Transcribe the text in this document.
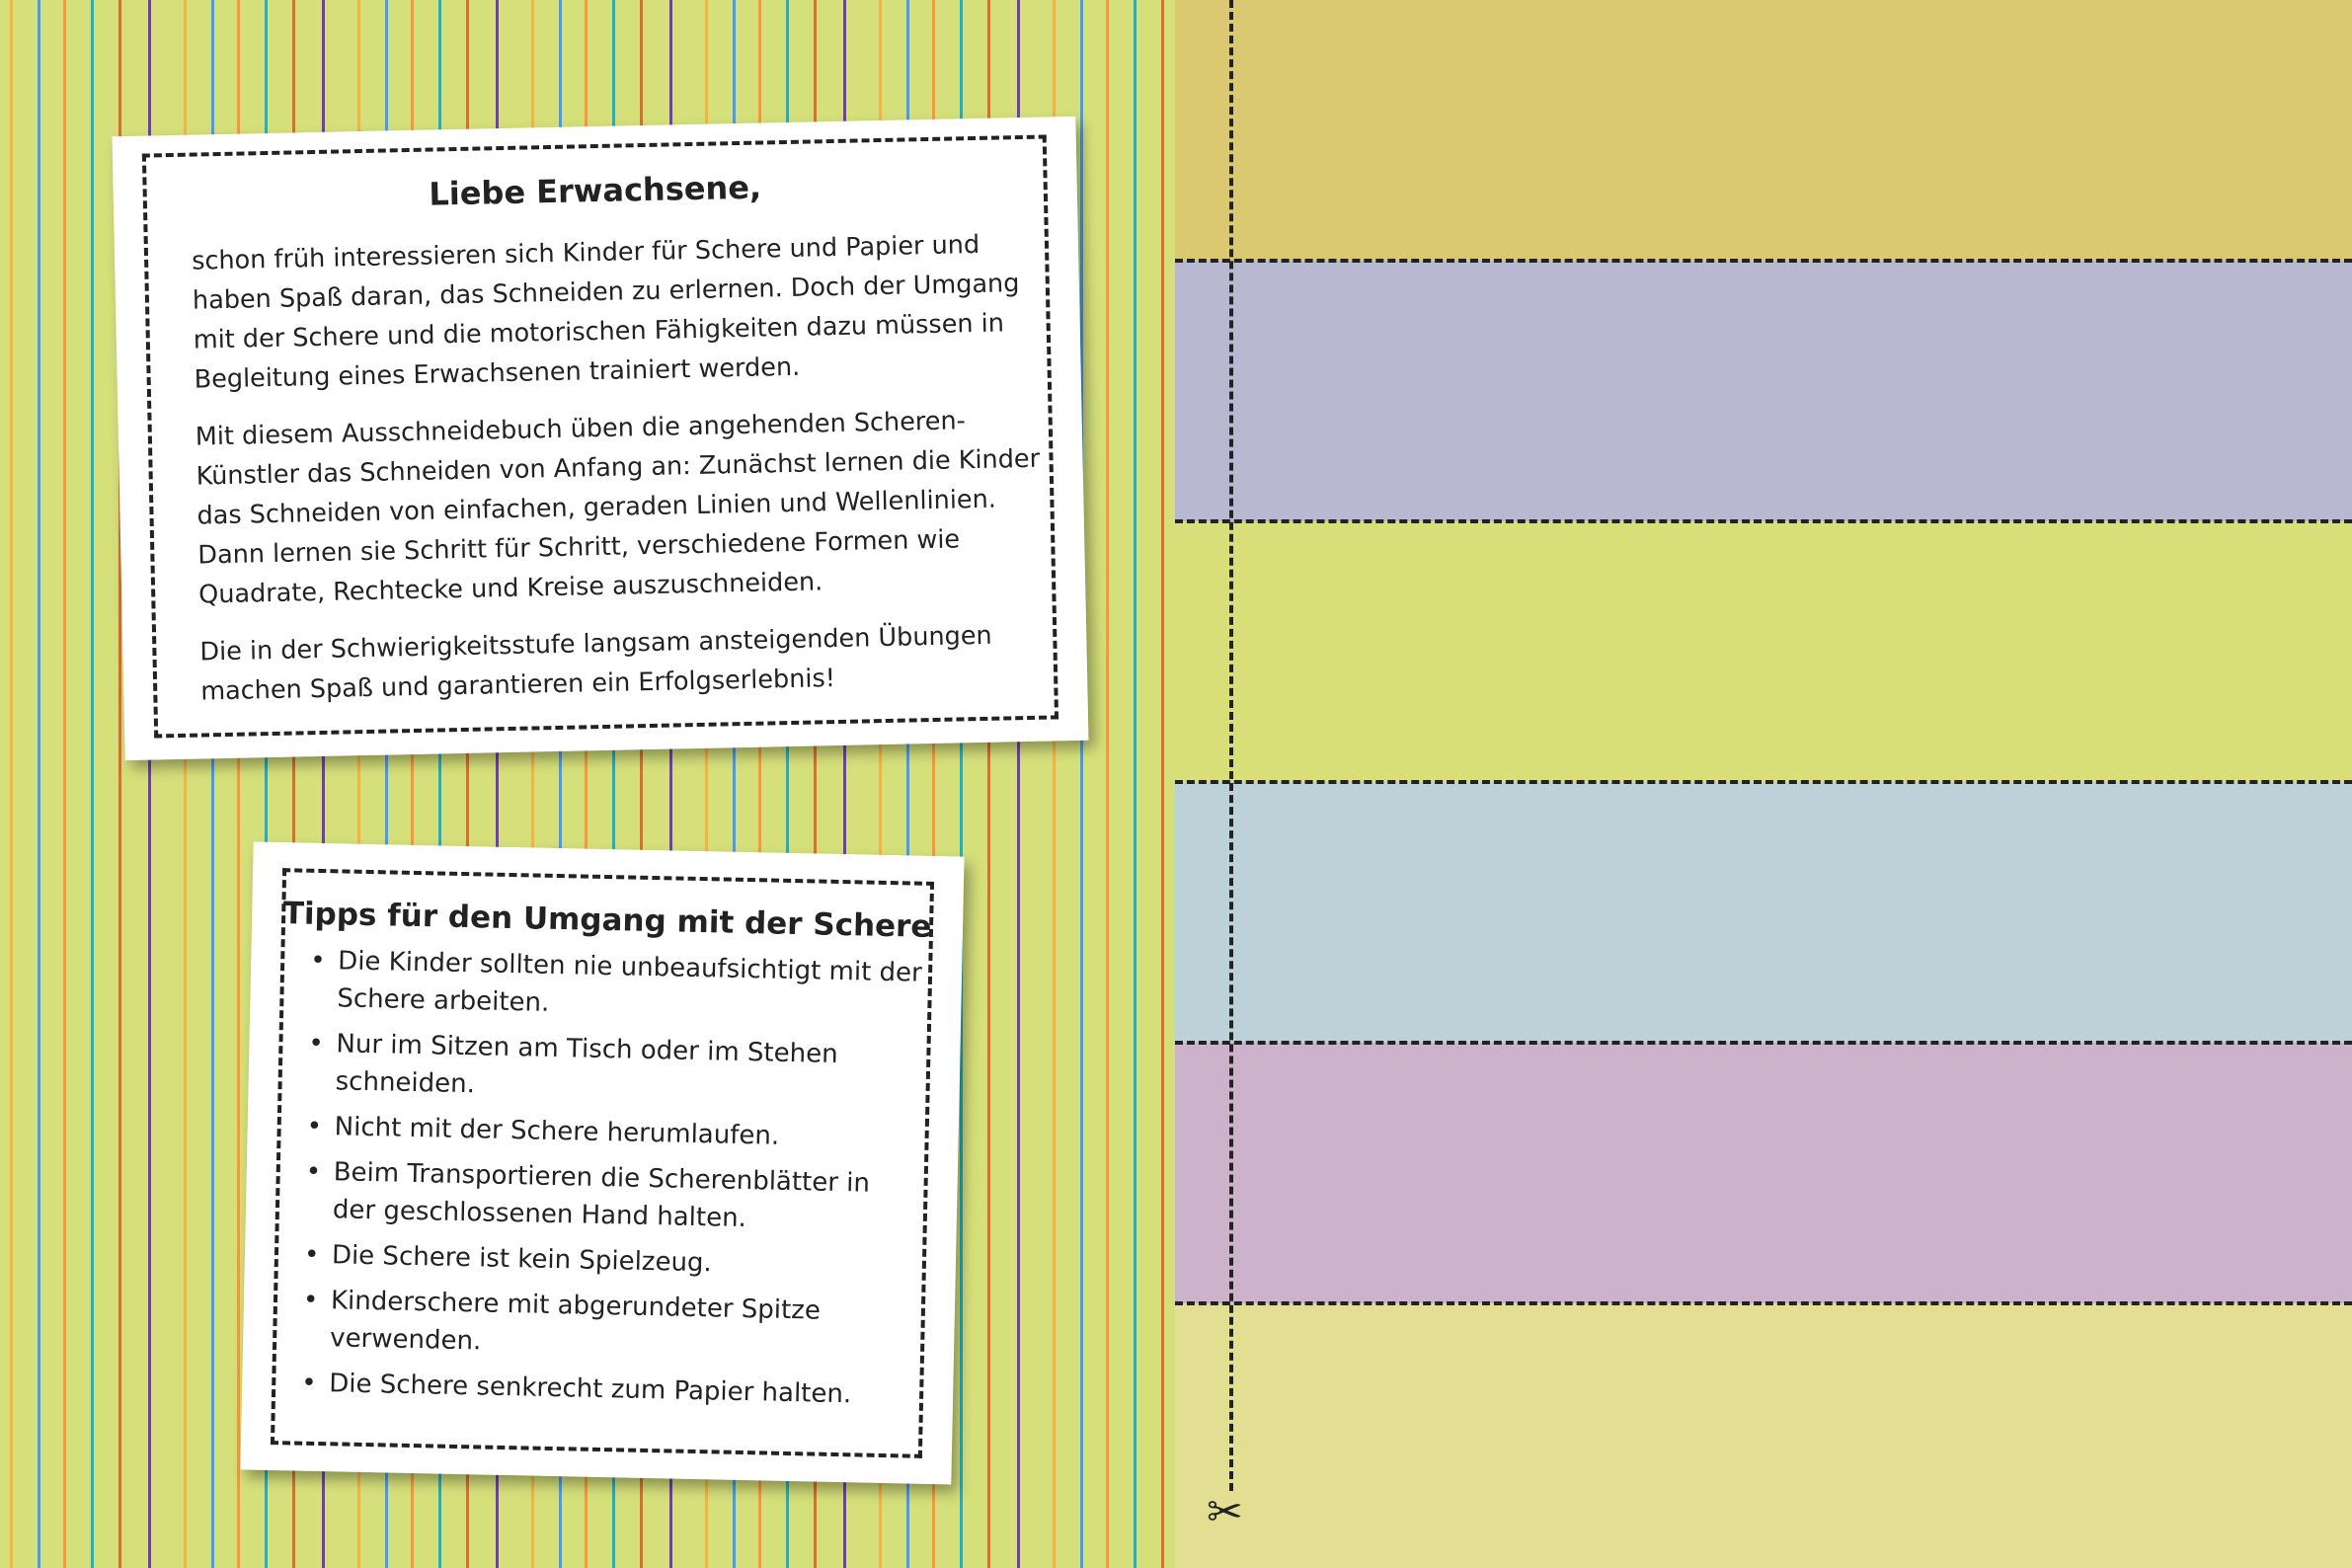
Liebe Erwachsene,

schon früh interessieren sich Kinder für Schere und Papier und haben Spaß daran, das Schneiden zu erlernen. Doch der Umgang mit der Schere und die motorischen Fähigkeiten dazu müssen in Begleitung eines Erwachsenen trainiert werden.

Mit diesem Ausschneidebuch üben die angehenden Scheren-Künstler das Schneiden von Anfang an: Zunächst lernen die Kinder das Schneiden von einfachen, geraden Linien und Wellenlinien. Dann lernen sie Schritt für Schritt, verschiedene Formen wie Quadrate, Rechtecke und Kreise auszuschneiden.

Die in der Schwierigkeitsstufe langsam ansteigenden Übungen machen Spaß und garantieren ein Erfolgserlebnis!

Tipps für den Umgang mit der Schere
• Die Kinder sollten nie unbeaufsichtigt mit der Schere arbeiten.
• Nur im Sitzen am Tisch oder im Stehen schneiden.
• Nicht mit der Schere herumlaufen.
• Beim Transportieren die Scherenblätter in der geschlossenen Hand halten.
• Die Schere ist kein Spielzeug.
• Kinderschere mit abgerundeter Spitze verwenden.
• Die Schere senkrecht zum Papier halten.
✂
